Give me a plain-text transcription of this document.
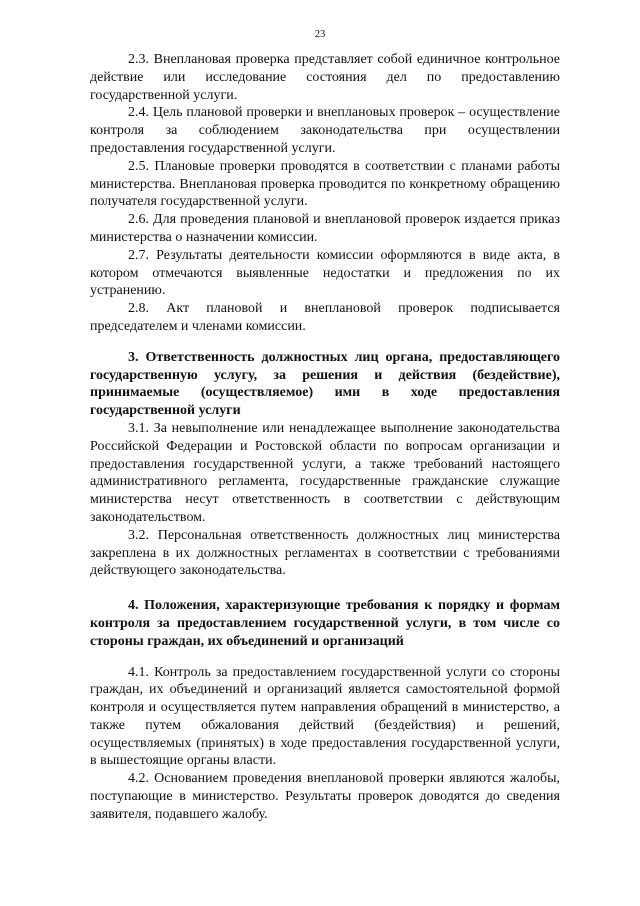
23

2.3. Внеплановая проверка представляет собой единичное контрольное действие или исследование состояния дел по предоставлению государственной услуги.

2.4. Цель плановой проверки и внеплановых проверок – осуществление контроля за соблюдением законодательства при осуществлении предоставления государственной услуги.

2.5. Плановые проверки проводятся в соответствии с планами работы министерства. Внеплановая проверка проводится по конкретному обращению получателя государственной услуги.

2.6. Для проведения плановой и внеплановой проверок издается приказ министерства о назначении комиссии.

2.7. Результаты деятельности комиссии оформляются в виде акта, в котором отмечаются выявленные недостатки и предложения по их устранению.

2.8. Акт плановой и внеплановой проверок подписывается председателем и членами комиссии.

3. Ответственность должностных лиц органа, предоставляющего государственную услугу, за решения и действия (бездействие), принимаемые (осуществляемое) ими в ходе предоставления государственной услуги

3.1. За невыполнение или ненадлежащее выполнение законодательства Российской Федерации и Ростовской области по вопросам организации и предоставления государственной услуги, а также требований настоящего административного регламента, государственные гражданские служащие министерства несут ответственность в соответствии с действующим законодательством.

3.2. Персональная ответственность должностных лиц министерства закреплена в их должностных регламентах в соответствии с требованиями действующего законодательства.

4. Положения, характеризующие требования к порядку и формам контроля за предоставлением государственной услуги, в том числе со стороны граждан, их объединений и организаций

4.1. Контроль за предоставлением государственной услуги со стороны граждан, их объединений и организаций является самостоятельной формой контроля и осуществляется путем направления обращений в министерство, а также путем обжалования действий (бездействия) и решений, осуществляемых (принятых) в ходе предоставления государственной услуги, в вышестоящие органы власти.

4.2. Основанием проведения внеплановой проверки являются жалобы, поступающие в министерство. Результаты проверок доводятся до сведения заявителя, подавшего жалобу.
